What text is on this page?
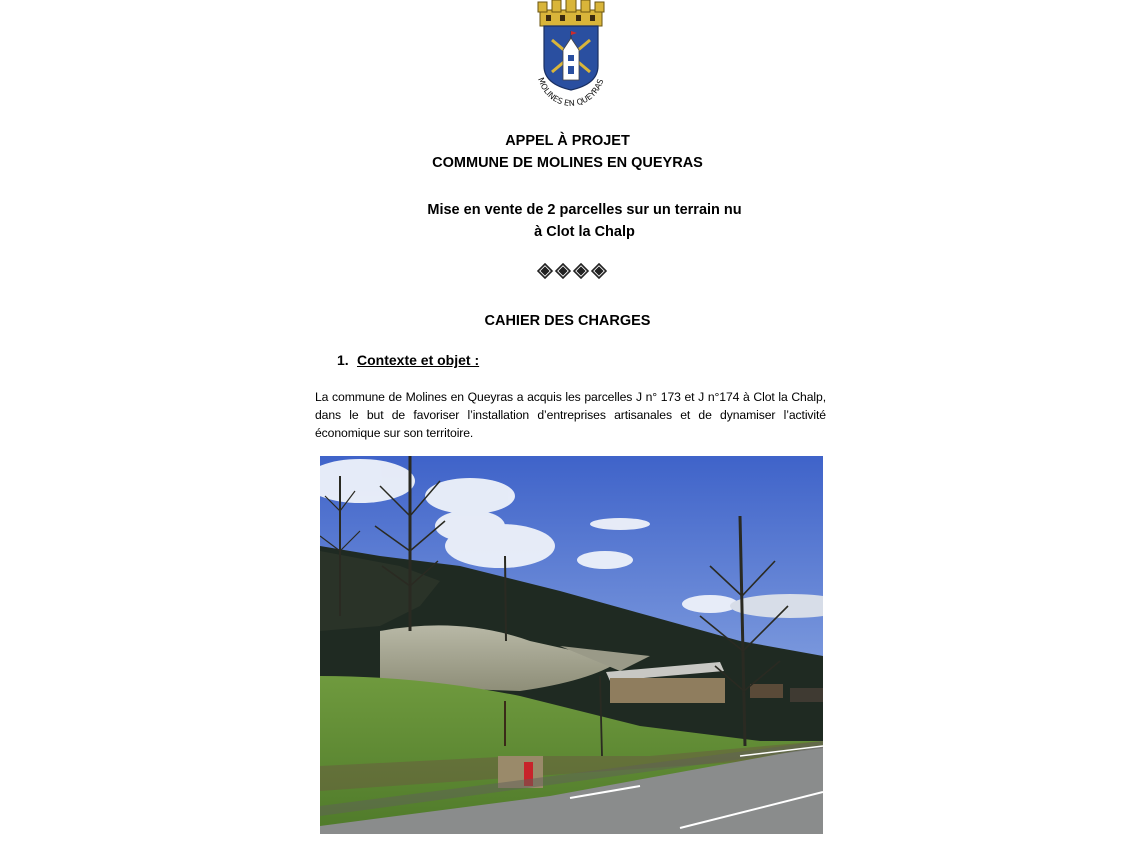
MOLINES EN QUEYRAS
APPEL À PROJET
COMMUNE DE MOLINES EN QUEYRAS
Mise en vente de 2 parcelles sur un terrain nu
à Clot la Chalp
CAHIER DES CHARGES
1. Contexte et objet :
La commune de Molines en Queyras a acquis les parcelles J n° 173 et J n°174 à Clot la Chalp, dans le but de favoriser l’installation d’entreprises artisanales et de dynamiser l’activité économique sur son territoire.
